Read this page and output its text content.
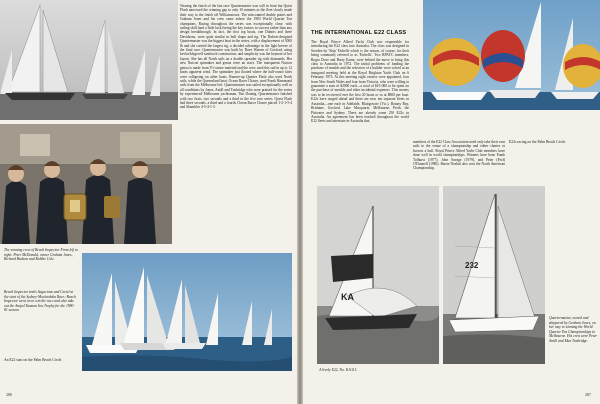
Nearing the finish of the last race Quartermaster was still in front but Quest Flash narrowed the winning gap to only 10 minutes as the fleet slowly made their way to the finish off Williamstown. The miscounted double points and Graham Jones and his crew came ashore the 1983 World Quarter Ton champions. Racing throughout the series was exceptionally close, with sailing skill (and a little luck) being the key factors to success rather than any design breakthrough. In fact, the first top boats, one Dubois and three Davidsons, were quite similar in hull shape and rig. The Dubois-designed Quartermaster was the biggest boat in the series, with a displacement of 3000 lb and she carried the largest rig, a decided advantage in the light breeze of the final race. Quartermaster was built by Dave Warren of Gosford, using kevlar/klegecell sandwich construction, and simplicity was the keynote of her layout. She has all North sails on a double spreader rig with diamonds. Her new Nuicon spinnaker and genoa were an asset. The transparent Nuicon genoa is made from 3½-ounce material and the crew used this sail in up to 12 knots apparent wind. The spinnaker just floated where the half-ounce kites were collapsing on other boats. Runner-up Quarter Flash also used North sails, while the Queensland boat, Ocean Racer Chaser, used Frank Hammond sails from the Melbourne loft. Quartermaster was sailed exceptionally well in all conditions by Jones, Antill and Tonbridge who were praised for the series by experienced Melbourne yachtsman, Tim Donnig. Quartermaster finished with two firsts, two seconds and a third in the five race series. Quest Flash had three seconds, a third and a fourth, Ocean Racer Chaser placed 1-2-1-5-4 and Shambles 4-5-4-1-3.
The winning crew of Beach Inspector. From left to right: Peter McDonald, owner Graham Jones, Richard Hudson and Robbie Cole.
Beach Inspector trails Sagacious and Gretel at the start of the Sydney-Mooloolaba Race; Beach Inspector went on to win the race and also take out the Ampol Tasman Sea Trophy for the 1980-81 season.
An E22 start on the Palm Beach Circle.
286
THE INTERNATIONAL E22 CLASS
The Royal Prince Alfred Yacht Club was responsible for introducing the E22 class into Australia. The class was designed in Sweden by 'Skip' Etchells which is the reason, of course, for their being commonly referred to as 'Etchells'. Two RPAYC members, Roger Dove and Barry Eaton, were behind the move to bring this class to Australia in 1972. The initial problems of funding the purchase of moulds and the selection of a builder were solved at an inaugural meeting held at the Royal Brighton Yacht Club on 6 February 1973. At this meeting eight owners were appointed, four from New South Wales and four from Victoria, who were willing to guarantee a sum of $2000 each—a total of $16 000 to be spent on the purchase of moulds and other incidental expenses. This money was to be recovered over the first 20 boats or so at $800 per boat. E22s have surged ahead and there are now ten separate fleets in Australia—one each in Adelaide, Blairgowrie (Vic.), Botany Bay, Brisbane, Gosford, Lake Macquarie, Melbourne, Perth, the Pittwater and Sydney. There are already some 250 E22s in Australia. An agreement has been reached throughout the world E22 fleets and interstate in Australia that
members of the E22 Class Association need only take their own sails to the venue of a championship and either charter or borrow a hull. Royal Prince Alfred Yacht Club members have done well in world championships. Winners have been Frank Tolhurst (1977), John Savage (1979), and Peter (Prof) O'Donnell (1980). Barrie Nesbitt also won the North American Championship.
E22s racing on the Palm Beach Circle.
KA
A lively E22, No. KA111.
232
Quartermaster, owned and skippered by Graham Jones, on her way to winning the World Quarter Ton Championships in Melbourne. His crew were Peter Antill and Max Tonbridge.
287
